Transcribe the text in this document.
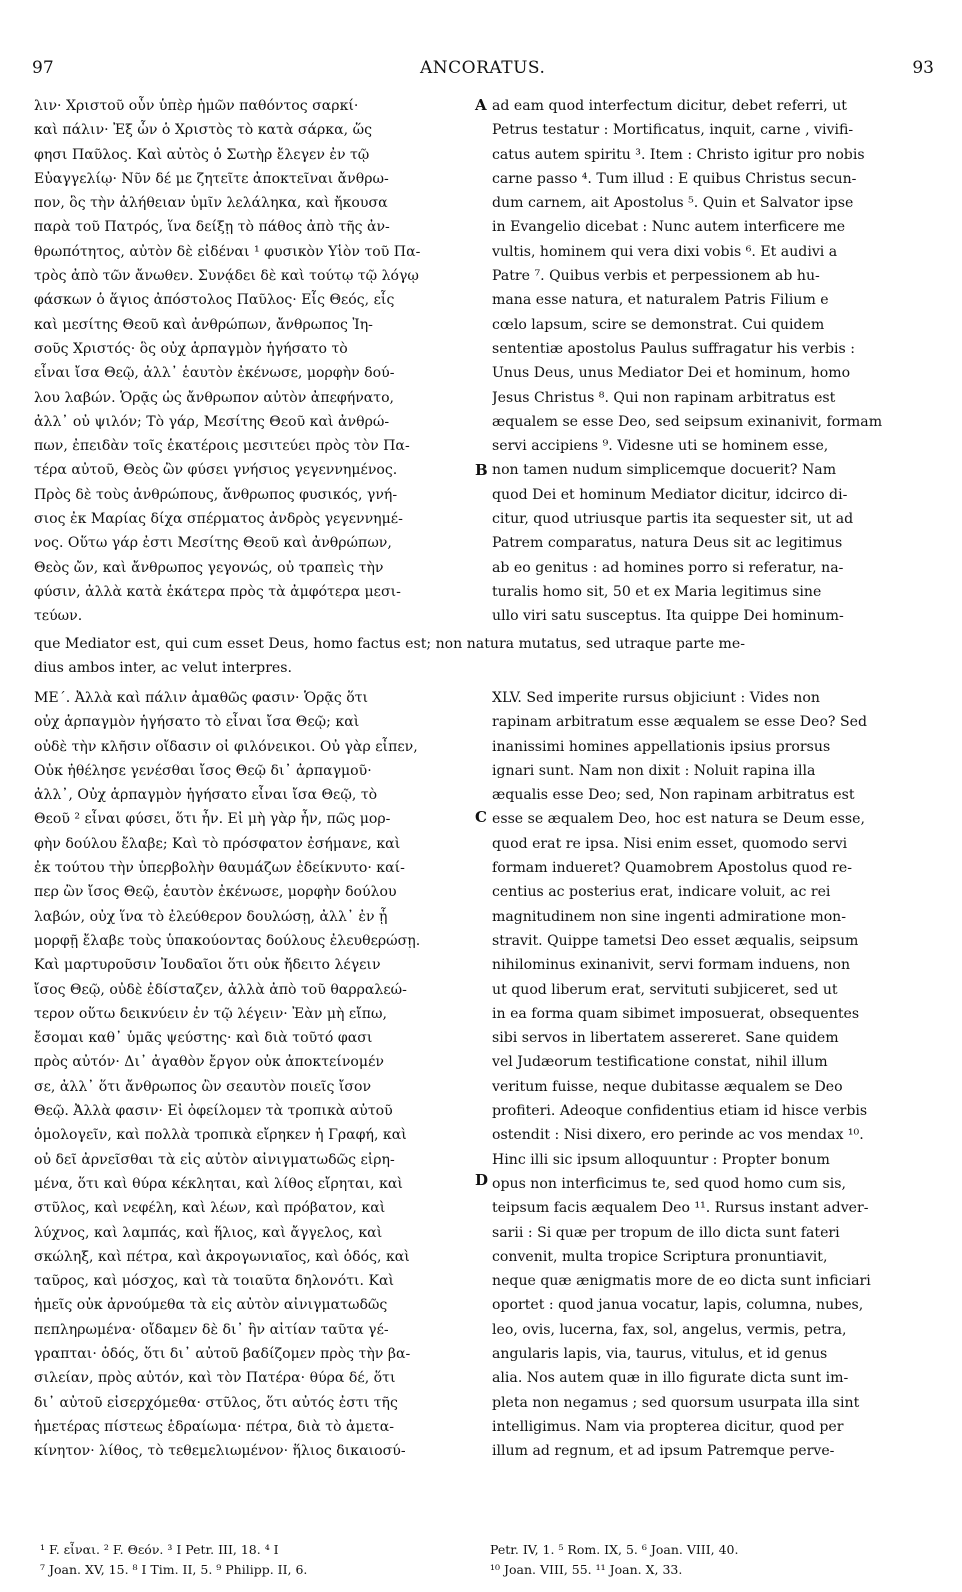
97	ANCORATUS.	93
λιν· Χριστοῦ οὖν ὑπὲρ ἡμῶν παθόντος σαρκί·
καὶ πάλιν· Ἐξ ὧν ὁ Χριστὸς τὸ κατὰ σάρκα, ὥς
φησι Παῦλος. Καὶ αὐτὸς ὁ Σωτὴρ ἔλεγεν ἐν τῷ
Εὐαγγελίῳ· Νῦν δέ με ζητεῖτε ἀποκτεῖναι ἄνθρω-
πον, ὃς τὴν ἀλήθειαν ὑμῖν λελάληκα, καὶ ἤκουσα
παρὰ τοῦ Πατρός, ἵνα δείξῃ τὸ πάθος ἀπὸ τῆς ἀν-
θρωπότητος, αὐτὸν δὲ εἰδέναι ¹ φυσικὸν Υἱὸν τοῦ Πα-
τρὸς ἀπὸ τῶν ἄνωθεν. Συνᾴδει δὲ καὶ τούτῳ τῷ λόγῳ
φάσκων ὁ ἅγιος ἀπόστολος Παῦλος· Εἷς Θεός, εἷς
καὶ μεσίτης Θεοῦ καὶ ἀνθρώπων, ἄνθρωπος Ἰη-
σοῦς Χριστός· ὃς οὐχ ἁρπαγμὸν ἡγήσατο τὸ
εἶναι ἴσα Θεῷ, ἀλλ᾽ ἑαυτὸν ἐκένωσε, μορφὴν δού-
λου λαβών. Ὁρᾷς ὡς ἄνθρωπον αὐτὸν ἀπεφήνατο,
ἀλλ᾽ οὐ ψιλόν; Τὸ γάρ, Μεσίτης Θεοῦ καὶ ἀνθρώ-
πων, ἐπειδὰν τοῖς ἑκατέροις μεσιτεύει πρὸς τὸν Πα-
τέρα αὐτοῦ, Θεὸς ὢν φύσει γνήσιος γεγεννημένος.
Πρὸς δὲ τοὺς ἀνθρώπους, ἄνθρωπος φυσικός, γνή-
σιος ἐκ Μαρίας δίχα σπέρματος ἀνδρὸς γεγεννημέ-
νος. Οὕτω γάρ ἐστι Μεσίτης Θεοῦ καὶ ἀνθρώπων,
Θεὸς ὤν, καὶ ἄνθρωπος γεγονώς, οὐ τραπεὶς τὴν
φύσιν, ἀλλὰ κατὰ ἑκάτερα πρὸς τὰ ἀμφότερα μεσι-
τεύων.
ad eam quod interfectum dicitur, debet referri, ut
Petrus testatur : Mortificatus, inquit, carne , vivifi-
catus autem spiritu ³. Item : Christo igitur pro nobis
carne passo ⁴. Tum illud : E quibus Christus secun-
dum carnem, ait Apostolus ⁵. Quin et Salvator ipse
in Evangelio dicebat : Nunc autem interficere me
vultis, hominem qui vera dixi vobis ⁶. Et audivi a
Patre ⁷. Quibus verbis et perpessionem ab hu-
mana esse natura, et naturalem Patris Filium e
cœlo lapsum, scire se demonstrat. Cui quidem
sententiæ apostolus Paulus suffragatur his verbis :
Unus Deus, unus Mediator Dei et hominum, homo
Jesus Christus ⁸. Qui non rapinam arbitratus est
æqualem se esse Deo, sed seipsum exinanivit, formam
servi accipiens ⁹. Videsne uti se hominem esse,
non tamen nudum simplicemque docuerit? Nam
quod Dei et hominum Mediator dicitur, idcirco di-
citur, quod utriusque partis ita sequester sit, ut ad
Patrem comparatus, natura Deus sit ac legitimus
ab eo genitus : ad homines porro si referatur, na-
turalis homo sit, 50 et ex Maria legitimus sine
ullo viri satu susceptus. Ita quippe Dei hominum-
que Mediator est, qui cum esset Deus, homo factus est; non natura mutatus, sed utraque parte me-
dius ambos inter, ac velut interpres.
ΜΕ΄. Ἀλλὰ καὶ πάλιν ἀμαθῶς φασιν· Ὁρᾷς ὅτι
οὐχ ἁρπαγμὸν ἡγήσατο τὸ εἶναι ἴσα Θεῷ; καὶ
οὐδὲ τὴν κλῆσιν οἴδασιν οἱ φιλόνεικοι. Οὐ γὰρ εἶπεν,
Οὐκ ἠθέλησε γενέσθαι ἴσος Θεῷ δι᾽ ἁρπαγμοῦ·
ἀλλ᾽, Οὐχ ἁρπαγμὸν ἡγήσατο εἶναι ἴσα Θεῷ, τὸ
Θεοῦ ² εἶναι φύσει, ὅτι ἦν. Εἰ μὴ γὰρ ἦν, πῶς μορ-
φὴν δούλου ἔλαβε; Καὶ τὸ πρόσφατον ἐσήμανε, καὶ
ἐκ τούτου τὴν ὑπερβολὴν θαυμάζων ἐδείκνυτο· καί-
περ ὢν ἴσος Θεῷ, ἑαυτὸν ἐκένωσε, μορφὴν δούλου
λαβών, οὐχ ἵνα τὸ ἐλεύθερον δουλώσῃ, ἀλλ᾽ ἐν ᾗ
μορφῇ ἔλαβε τοὺς ὑπακούοντας δούλους ἐλευθερώσῃ.
Καὶ μαρτυροῦσιν Ἰουδαῖοι ὅτι οὐκ ἤδειτο λέγειν
ἴσος Θεῷ, οὐδὲ ἐδίσταζεν, ἀλλὰ ἀπὸ τοῦ θαρραλεώ-
τερον οὕτω δεικνύειν ἐν τῷ λέγειν· Ἐὰν μὴ εἴπω,
ἔσομαι καθ᾽ ὑμᾶς ψεύστης· καὶ διὰ τοῦτό φασι
πρὸς αὐτόν· Δι᾽ ἀγαθὸν ἔργον οὐκ ἀποκτείνομέν
σε, ἀλλ᾽ ὅτι ἄνθρωπος ὢν σεαυτὸν ποιεῖς ἴσον
Θεῷ. Ἀλλὰ φασιν· Εἰ ὀφείλομεν τὰ τροπικὰ αὐτοῦ
ὁμολογεῖν, καὶ πολλὰ τροπικὰ εἴρηκεν ἡ Γραφή, καὶ
οὐ δεῖ ἀρνεῖσθαι τὰ εἰς αὐτὸν αἰνιγματωδῶς εἰρη-
μένα, ὅτι καὶ θύρα κέκληται, καὶ λίθος εἴρηται, καὶ
στῦλος, καὶ νεφέλη, καὶ λέων, καὶ πρόβατον, καὶ
λύχνος, καὶ λαμπάς, καὶ ἥλιος, καὶ ἄγγελος, καὶ
σκώληξ, καὶ πέτρα, καὶ ἀκρογωνιαῖος, καὶ ὁδός, καὶ
ταῦρος, καὶ μόσχος, καὶ τὰ τοιαῦτα δηλονότι. Καὶ
ἡμεῖς οὐκ ἀρνούμεθα τὰ εἰς αὐτὸν αἰνιγματωδῶς
πεπληρωμένα· οἴδαμεν δὲ δι᾽ ἣν αἰτίαν ταῦτα γέ-
γραπται· ὁδός, ὅτι δι᾽ αὐτοῦ βαδίζομεν πρὸς τὴν βα-
σιλείαν, πρὸς αὐτόν, καὶ τὸν Πατέρα· θύρα δέ, ὅτι
δι᾽ αὐτοῦ εἰσερχόμεθα· στῦλος, ὅτι αὐτός ἐστι τῆς
ἡμετέρας πίστεως ἑδραίωμα· πέτρα, διὰ τὸ ἀμετα-
κίνητον· λίθος, τὸ τεθεμελιωμένον· ἥλιος δικαιοσύ-
XLV. Sed imperite rursus objiciunt : Vides non
rapinam arbitratum esse æqualem se esse Deo? Sed
inanissimi homines appellationis ipsius prorsus
ignari sunt. Nam non dixit : Noluit rapina illa
æqualis esse Deo; sed, Non rapinam arbitratus est
esse se æqualem Deo, hoc est natura se Deum esse,
quod erat re ipsa. Nisi enim esset, quomodo servi
formam indueret? Quamobrem Apostolus quod re-
centius ac posterius erat, indicare voluit, ac rei
magnitudinem non sine ingenti admiratione mon-
stravit. Quippe tametsi Deo esset æqualis, seipsum
nihilominus exinanivit, servi formam induens, non
ut quod liberum erat, servituti subjiceret, sed ut
in ea forma quam sibimet imposuerat, obsequentes
sibi servos in libertatem assereret. Sane quidem
vel Judæorum testificatione constat, nihil illum
veritum fuisse, neque dubitasse æqualem se Deo
profiteri. Adeoque confidentius etiam id hisce verbis
ostendit : Nisi dixero, ero perinde ac vos mendax ¹⁰.
Hinc illi sic ipsum alloquuntur : Propter bonum
opus non interficimus te, sed quod homo cum sis,
teipsum facis æqualem Deo ¹¹. Rursus instant adver-
sarii : Si quæ per tropum de illo dicta sunt fateri
convenit, multa tropice Scriptura pronuntiavit,
neque quæ ænigmatis more de eo dicta sunt inficiari
oportet : quod janua vocatur, lapis, columna, nubes,
leo, ovis, lucerna, fax, sol, angelus, vermis, petra,
angularis lapis, via, taurus, vitulus, et id genus
alia. Nos autem quæ in illo figurate dicta sunt im-
pleta non negamus ; sed quorsum usurpata illa sint
intelligimus. Nam via propterea dicitur, quod per
illum ad regnum, et ad ipsum Patremque perve-
A
B
C
D
¹ F. εἶναι. ² F. Θεόν. ³ I Petr. III, 18. ⁴ I
⁷ Joan. XV, 15. ⁸ I Tim. II, 5. ⁹ Philipp. II, 6.
Petr. IV, 1. ⁵ Rom. IX, 5. ⁶ Joan. VIII, 40.
¹⁰ Joan. VIII, 55. ¹¹ Joan. X, 33.
